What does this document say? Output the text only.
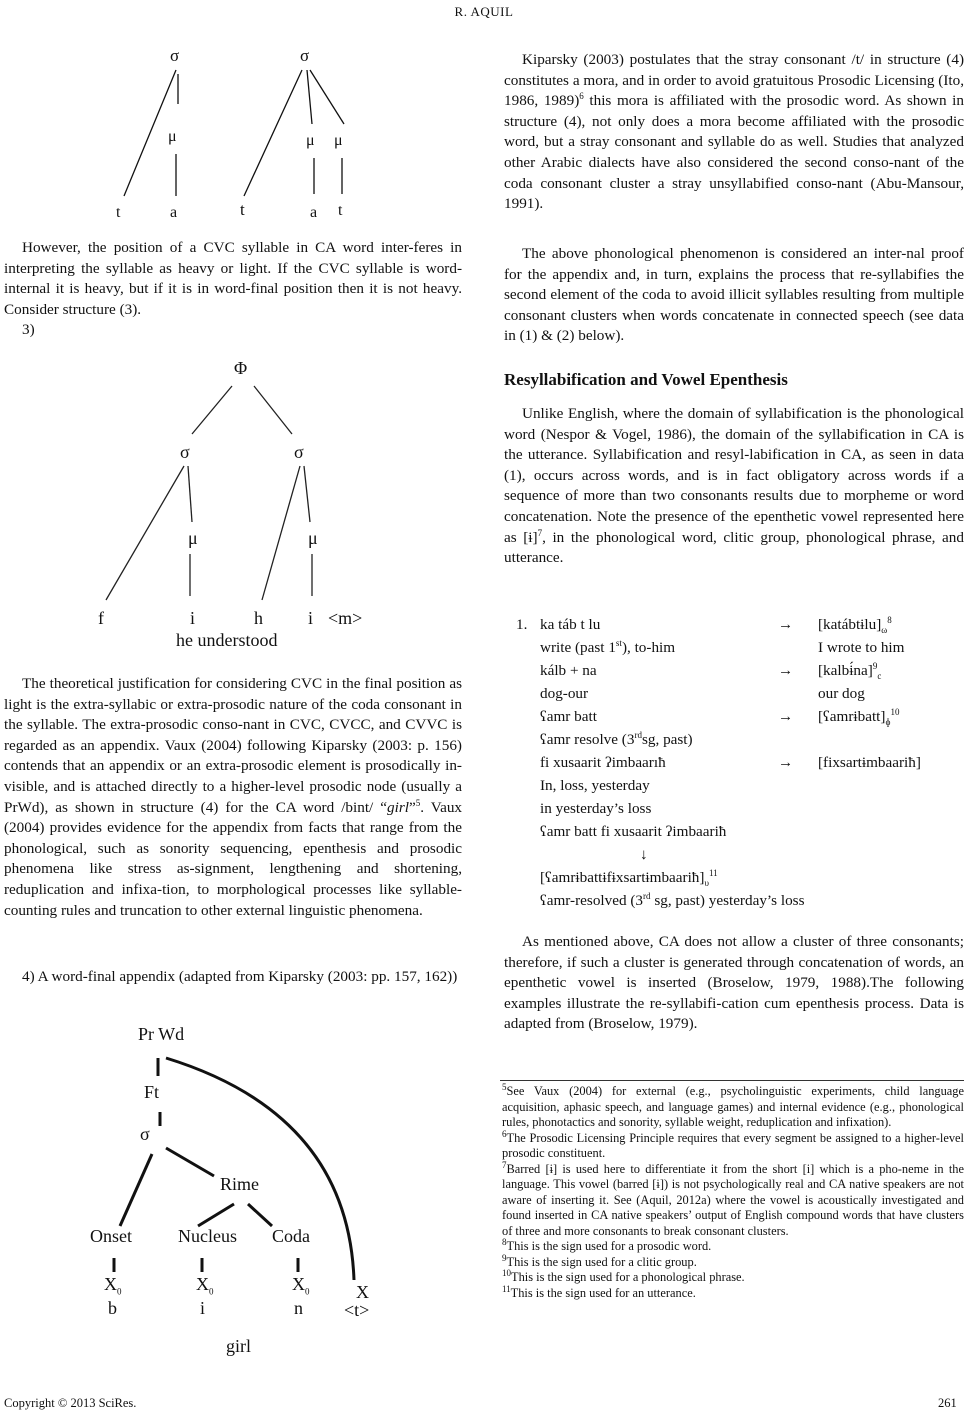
R. AQUIL
σ
μ
t	a
σ
μ μ
t	a t

However, the position of a CVC syllable in CA word inter-feres in interpreting the syllable as heavy or light. If the CVC syllable is word-internal it is heavy, but if it is in word-final position then it is not heavy. Consider structure (3).

3)
Φ
σ	σ
μ	μ
f	i	h	i <m>
he understood

The theoretical justification for considering CVC in the final position as light is the extra-syllabic or extra-prosodic nature of the coda consonant in the syllable. The extra-prosodic conso-nant in CVC, CVCC, and CVVC is regarded as an appendix. Vaux (2004) following Kiparsky (2003: p. 156) contends that an appendix or an extra-prosodic element is prosodically in-visible, and is attached directly to a higher-level prosodic node (usually a PrWd), as shown in structure (4) for the CA word /bint/ “girl”$^5$. Vaux (2004) provides evidence for the appendix from facts that range from the phonological, such as sonority sequencing, epenthesis and prosodic phenomena like stress as-signment, lengthening and shortening, reduplication and infixa-tion, to morphological processes like syllable-counting rules and truncation to other external linguistic phenomena.

4) A word-final appendix (adapted from Kiparsky (2003: pp. 157, 162))

Pr Wd
Ft
σ
Rime
Onset	Nucleus Coda
$X_0$	$X_0$	$X_0$	X
b	i	n <t>
girl

Kiparsky (2003) postulates that the stray consonant /t/ in structure (4) constitutes a mora, and in order to avoid gratuitous Prosodic Licensing (Ito, 1986, 1989)$^6$ this mora is affiliated with the prosodic word. As shown in structure (4), not only does a mora become affiliated with the prosodic word, but a stray consonant and syllable do as well. Studies that analyzed other Arabic dialects have also considered the second conso-nant of the coda consonant cluster a stray unsyllabified conso-nant (Abu-Mansour, 1991).

The above phonological phenomenon is considered an inter-nal proof for the appendix and, in turn, explains the process that re-syllabifies the second element of the coda to avoid illicit syllables resulting from multiple consonant clusters when words concatenate in connected speech (see data in (1) & (2) below).

Resyllabification and Vowel Epenthesis

Unlike English, where the domain of syllabification is the phonological word (Nespor & Vogel, 1986), the domain of the syllabification in CA is the utterance. Syllabification and resyl-labification in CA, as seen in data (1), occurs across words, and is in fact obligatory across words if a sequence of more than two consonants results due to morpheme or word concatenation. Note the presence of the epenthetic vowel represented here as [ɨ]$^7$, in the phonological word, clitic group, phonological phrase, and utterance.

1. ka táb t lu	→ $[katábtɨlu]_\omega^8$
write (past 1st), to-him	I wrote to him
kálb + na	→ [kalbɨ́na]$^9_c$
dog-our	our dog
ʕamr batt	→ $[ʕamrɨbatt]_ɸ^{10}$
ʕamr resolve (3rdsg, past)
fi xusaarit ʔimbaarıħ	→ [fixsartɨmbaariħ]
In, loss, yesterday
in yesterday’s loss
ʕamr batt fi xusaarit ʔimbaariħ
↓
$[ʕamrɨbattɨfɨxsartɨmbaariħ]_\upsilon^{11}$
ʕamr-resolved (3rd sg, past) yesterday’s loss

As mentioned above, CA does not allow a cluster of three consonants; therefore, if such a cluster is generated through concatenation of words, an epenthetic vowel is inserted (Broselow, 1979, 1988).The following examples illustrate the re-syllabifi-cation cum epenthesis process. Data is adapted from (Broselow, 1979).

$^5$See Vaux (2004) for external (e.g., psycholinguistic experiments, child language acquisition, aphasic speech, and language games) and internal evidence (e.g., phonological rules, phonotactics and sonority, syllable weight, reduplication and infixation).
$^6$The Prosodic Licensing Principle requires that every segment be assigned to a higher-level prosodic constituent.
$^7$Barred [ɨ] is used here to differentiate it from the short [i] which is a pho-neme in the language. This vowel (barred [ɨ]) is not psychologically real and CA native speakers are not aware of inserting it. See (Aquil, 2012a) where the vowel is acoustically investigated and found inserted in CA native speakers’ output of English compound words that have clusters of three and more consonants to break consonant clusters.
$^8$This is the sign used for a prosodic word.
$^9$This is the sign used for a clitic group.
$^{10}$This is the sign used for a phonological phrase.
$^{11}$This is the sign used for an utterance.
Copyright © 2013 SciRes.	261
